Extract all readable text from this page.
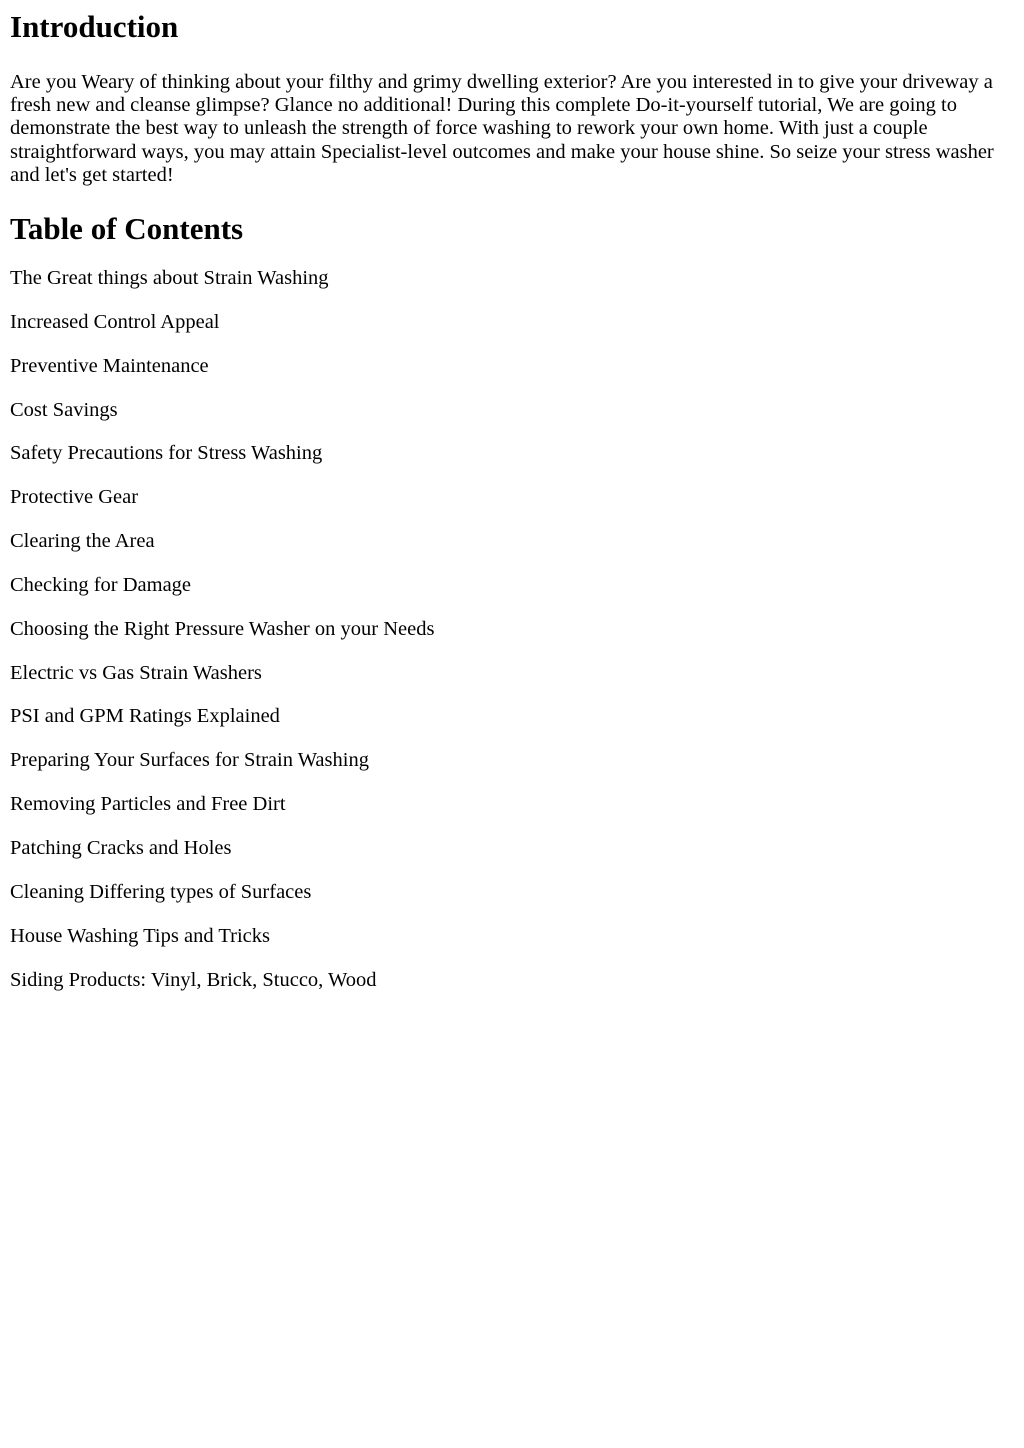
Introduction

Are you Weary of thinking about your filthy and grimy dwelling exterior? Are you interested in to give your driveway a fresh new and cleanse glimpse? Glance no additional! During this complete Do-it-yourself tutorial, We are going to demonstrate the best way to unleash the strength of force washing to rework your own home. With just a couple straightforward ways, you may attain Specialist-level outcomes and make your house shine. So seize your stress washer and let's get started!

Table of Contents
The Great things about Strain Washing
Increased Control Appeal
Preventive Maintenance
Cost Savings
Safety Precautions for Stress Washing
Protective Gear
Clearing the Area
Checking for Damage
Choosing the Right Pressure Washer on your Needs
Electric vs Gas Strain Washers
PSI and GPM Ratings Explained
Preparing Your Surfaces for Strain Washing
Removing Particles and Free Dirt
Patching Cracks and Holes
Cleaning Differing types of Surfaces
House Washing Tips and Tricks
Siding Products: Vinyl, Brick, Stucco, Wood
